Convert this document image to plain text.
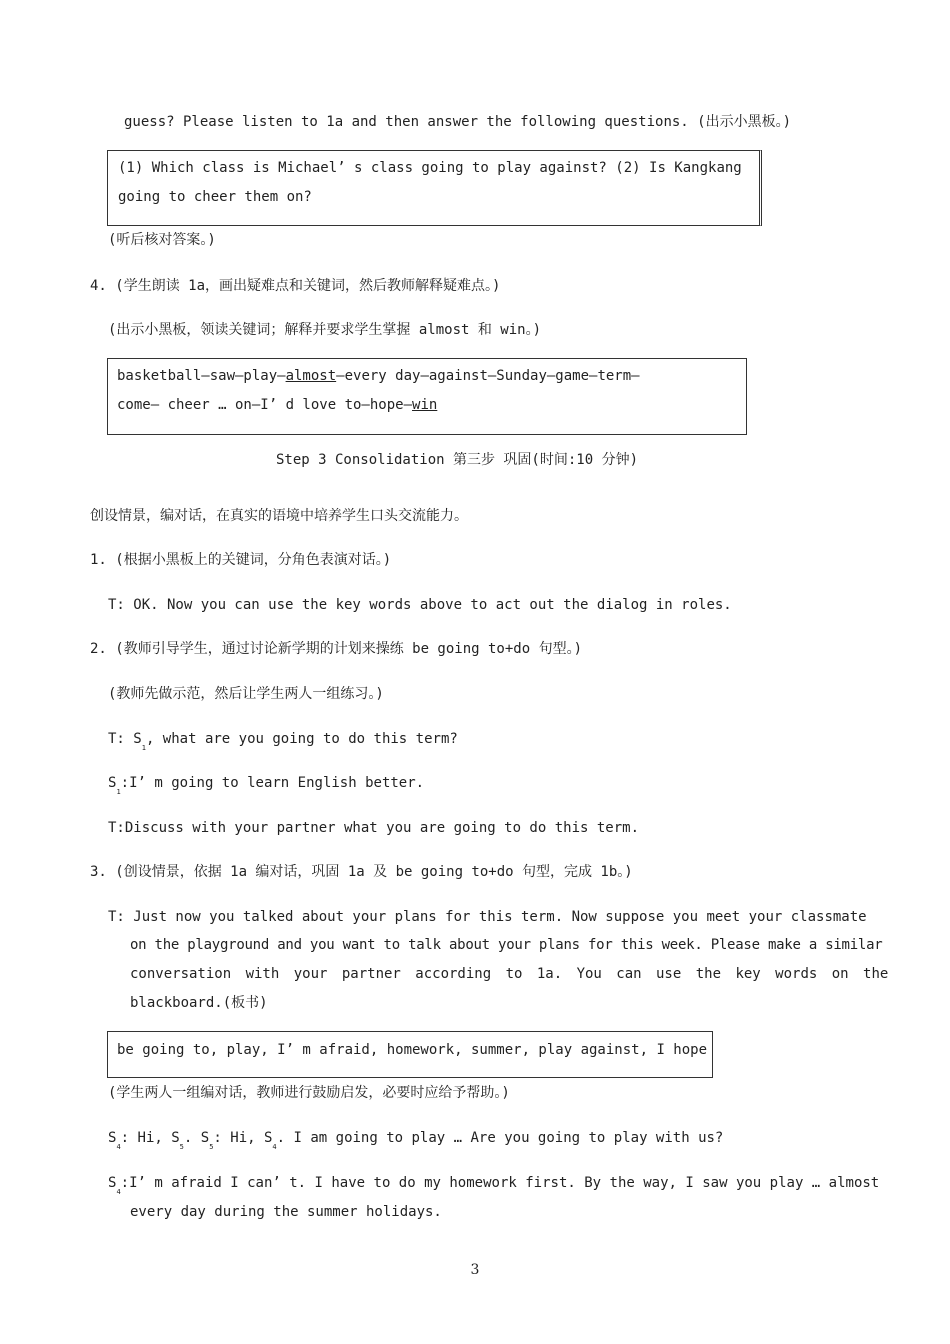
guess? Please listen to 1a and then answer the following questions. (出示小黑板。)
(1) Which class is Michael’ s class going to play against? (2) Is Kangkang
going to cheer them on?
(听后核对答案。)
4. (学生朗读 1a，画出疑难点和关键词，然后教师解释疑难点。)
(出示小黑板，领读关键词；解释并要求学生掌握 almost 和 win。)
basketball—saw—play—almost—every day—against—Sunday—game—term—
come— cheer … on—I’ d love to—hope—win
Step 3 Consolidation 第三步 巩固(时间:10 分钟)
创设情景，编对话，在真实的语境中培养学生口头交流能力。
1. (根据小黑板上的关键词，分角色表演对话。)
T: OK. Now you can use the key words above to act out the dialog in roles.
2. (教师引导学生，通过讨论新学期的计划来操练 be going to+do 句型。)
(教师先做示范，然后让学生两人一组练习。)
T: $S_1$, what are you going to do this term?
$S_1:I$’ m going to learn English better.
T:Discuss with your partner what you are going to do this term.
3. (创设情景，依据 1a 编对话，巩固 1a 及 be going to+do 句型，完成 1b。)
T: Just now you talked about your plans for this term. Now suppose you meet your classmate
on the playground and you want to talk about your plans for this week. Please make a similar
conversation with your partner according to 1a. You can use the key words on the
blackboard.(板书)
be going to, play, I’ m afraid, homework, summer, play against, I hope
(学生两人一组编对话，教师进行鼓励启发，必要时应给予帮助。)
$S_4$: Hi, $S_5$. $S_5$: Hi, $S_4$. I am going to play … Are you going to play with us?
$S_4:I$’ m afraid I can’ t. I have to do my homework first. By the way, I saw you play … almost
every day during the summer holidays.
3
